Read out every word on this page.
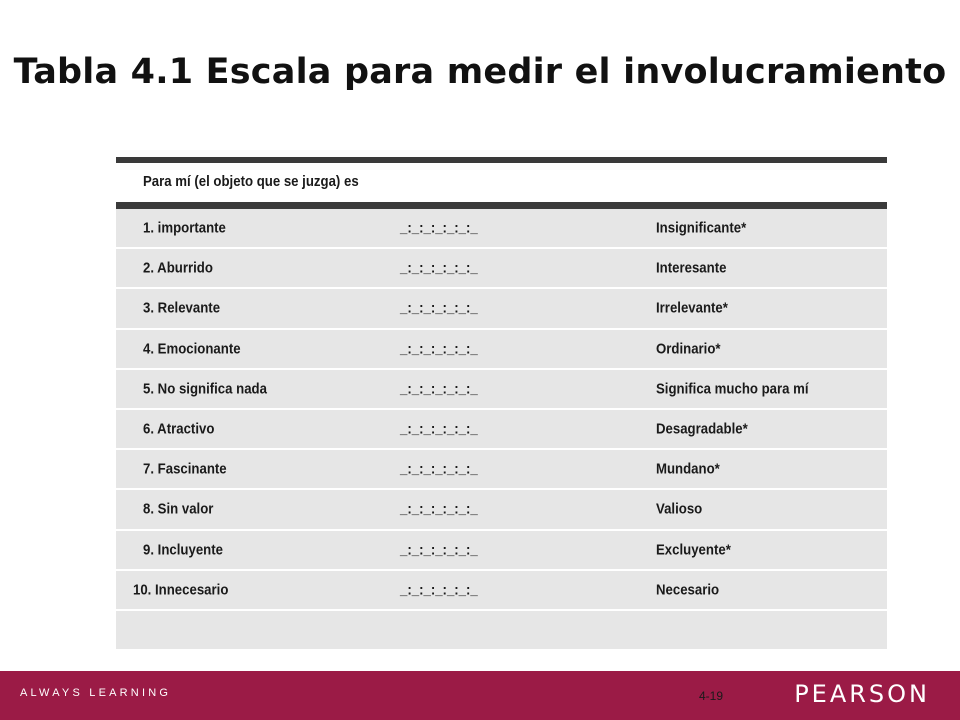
Tabla 4.1 Escala para medir el involucramiento
Para mí (el objeto que se juzga) es
1. importante	_:_:_:_:_:_:_	Insignificante*
2. Aburrido	_:_:_:_:_:_:_	Interesante
3. Relevante	_:_:_:_:_:_:_	Irrelevante*
4. Emocionante	_:_:_:_:_:_:_	Ordinario*
5. No significa nada	_:_:_:_:_:_:_	Significa mucho para mí
6. Atractivo	_:_:_:_:_:_:_	Desagradable*
7. Fascinante	_:_:_:_:_:_:_	Mundano*
8. Sin valor	_:_:_:_:_:_:_	Valioso
9. Incluyente	_:_:_:_:_:_:_	Excluyente*
10. Innecesario	_:_:_:_:_:_:_	Necesario
ALWAYS LEARNING	4-19	PEARSON
